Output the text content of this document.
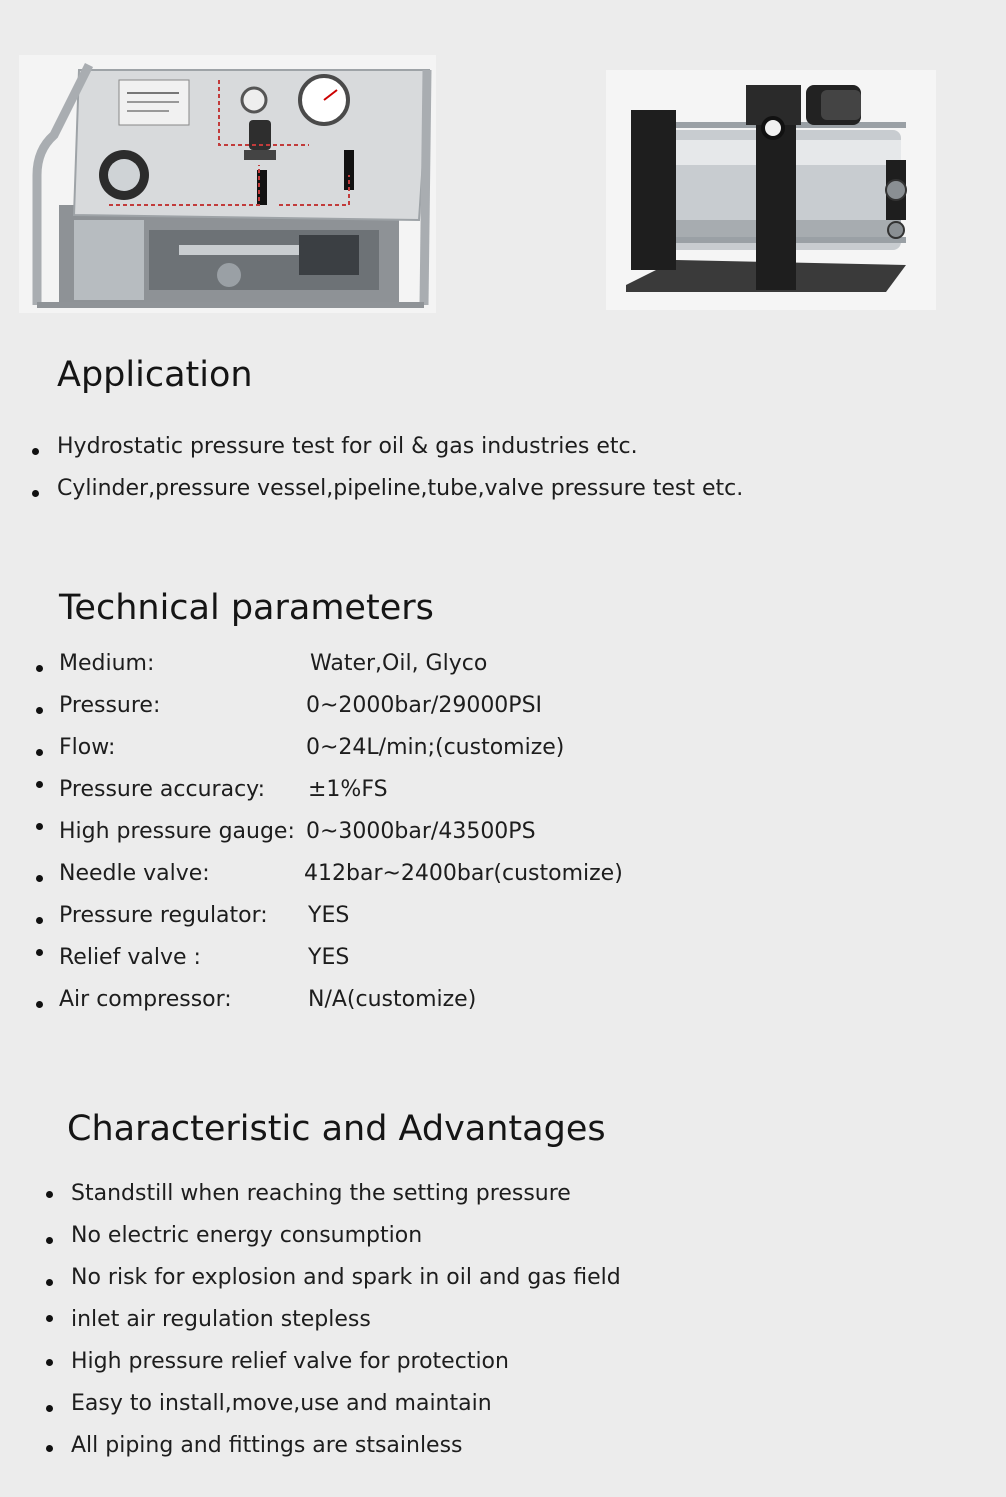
Application
Hydrostatic pressure test for oil & gas industries etc.
Cylinder,pressure vessel,pipeline,tube,valve pressure test etc.
Technical parameters
Medium:	Water,Oil, Glyco
Pressure:	0~2000bar/29000PSI
Flow:	0~24L/min;(customize)
Pressure accuracy: ±1%FS
High pressure gauge: 0~3000bar/43500PS
Needle valve:	412bar~2400bar(customize)
Pressure regulator: YES
Relief valve :	YES
Air compressor:	N/A(customize)
Characteristic and Advantages
Standstill when reaching the setting pressure
No electric energy consumption
No risk for explosion and spark in oil and gas field
inlet air regulation stepless
High pressure relief valve for protection
Easy to install,move,use and maintain
All piping and fittings are stsainless
